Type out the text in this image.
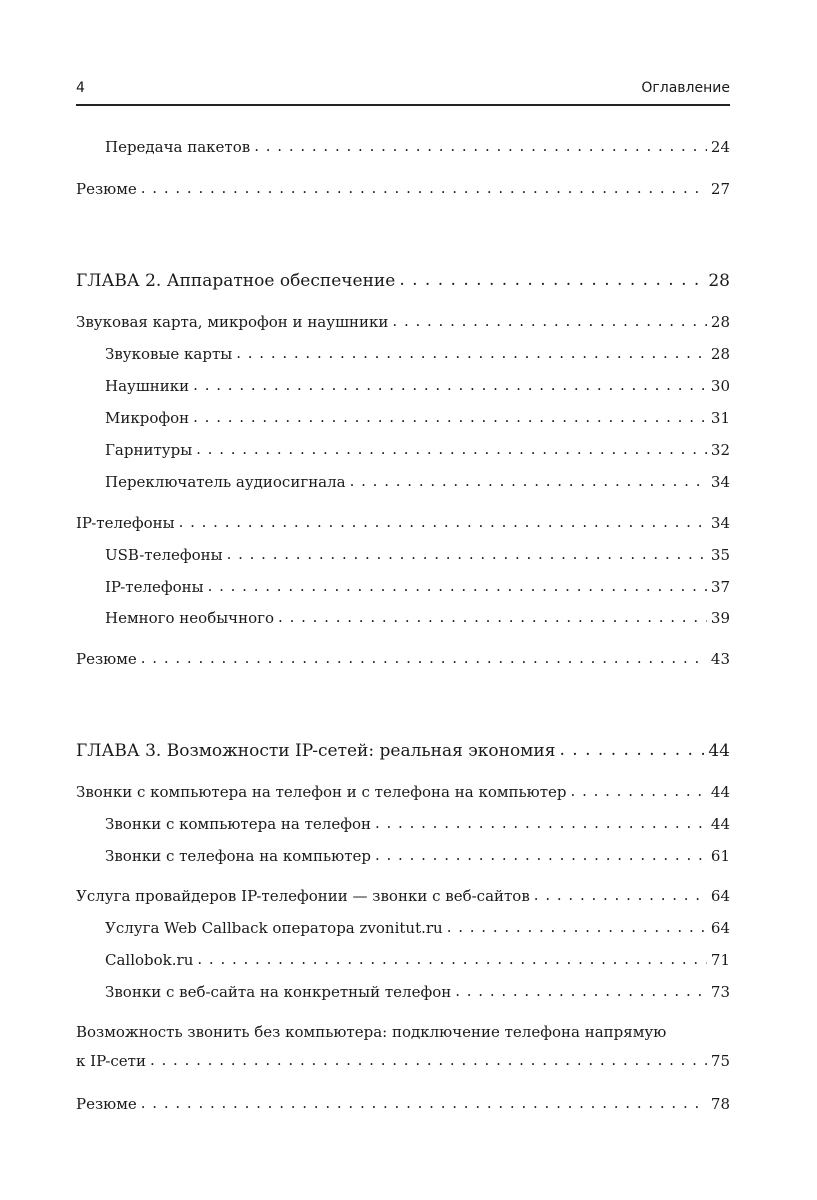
4	Оглавление
Передача пакетов . . .	24
Резюме . . .	27
ГЛАВА 2. Аппаратное обеспечение . . .	28
Звуковая карта, микрофон и наушники . . .	28
Звуковые карты . . .	28
Наушники . . .	30
Микрофон . . .	31
Гарнитуры . . .	32
Переключатель аудиосигнала . . .	34
IP-телефоны . . .	34
USB-телефоны . . .	35
IP-телефоны . . .	37
Немного необычного . . .	39
Резюме . . .	43
ГЛАВА 3. Возможности IP-сетей: реальная экономия . . .	44
Звонки с компьютера на телефон и с телефона на компьютер . . .	44
Звонки с компьютера на телефон . . .	44
Звонки с телефона на компьютер . . .	61
Услуга провайдеров IP-телефонии — звонки с веб-сайтов . . .	64
Услуга Web Callback оператора zvonitut.ru . . .	64
Callobok.ru . . .	71
Звонки с веб-сайта на конкретный телефон . . .	73
Возможность звонить без компьютера: подключение телефона напрямую
к IP-сети . . .	75
Резюме . . .	78
